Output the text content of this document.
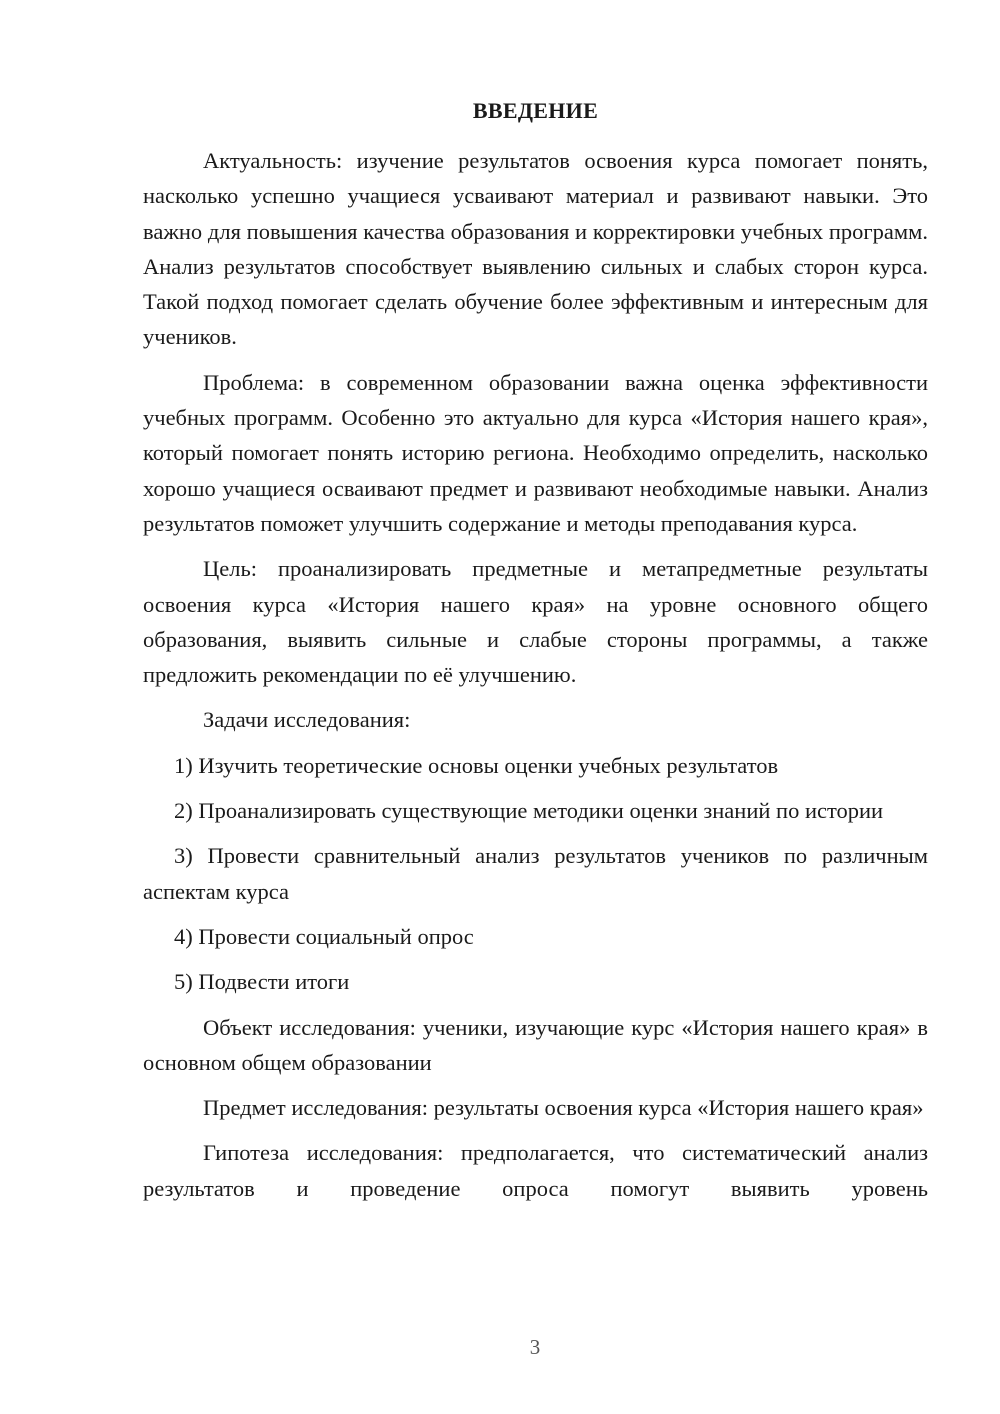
ВВЕДЕНИЕ

Актуальность: изучение результатов освоения курса помогает понять, насколько успешно учащиеся усваивают материал и развивают навыки. Это важно для повышения качества образования и корректировки учебных программ. Анализ результатов способствует выявлению сильных и слабых сторон курса. Такой подход помогает сделать обучение более эффективным и интересным для учеников.

Проблема: в современном образовании важна оценка эффективности учебных программ. Особенно это актуально для курса «История нашего края», который помогает понять историю региона. Необходимо определить, насколько хорошо учащиеся осваивают предмет и развивают необходимые навыки. Анализ результатов поможет улучшить содержание и методы преподавания курса.

Цель: проанализировать предметные и метапредметные результаты освоения курса «История нашего края» на уровне основного общего образования, выявить сильные и слабые стороны программы, а также предложить рекомендации по её улучшению.

Задачи исследования:

1) Изучить теоретические основы оценки учебных результатов

2) Проанализировать существующие методики оценки знаний по истории

3) Провести сравнительный анализ результатов учеников по различным аспектам курса

4) Провести социальный опрос

5) Подвести итоги

Объект исследования: ученики, изучающие курс «История нашего края» в основном общем образовании

Предмет исследования: результаты освоения курса «История нашего края»

Гипотеза исследования: предполагается, что систематический анализ результатов и проведение опроса помогут выявить уровень

3
